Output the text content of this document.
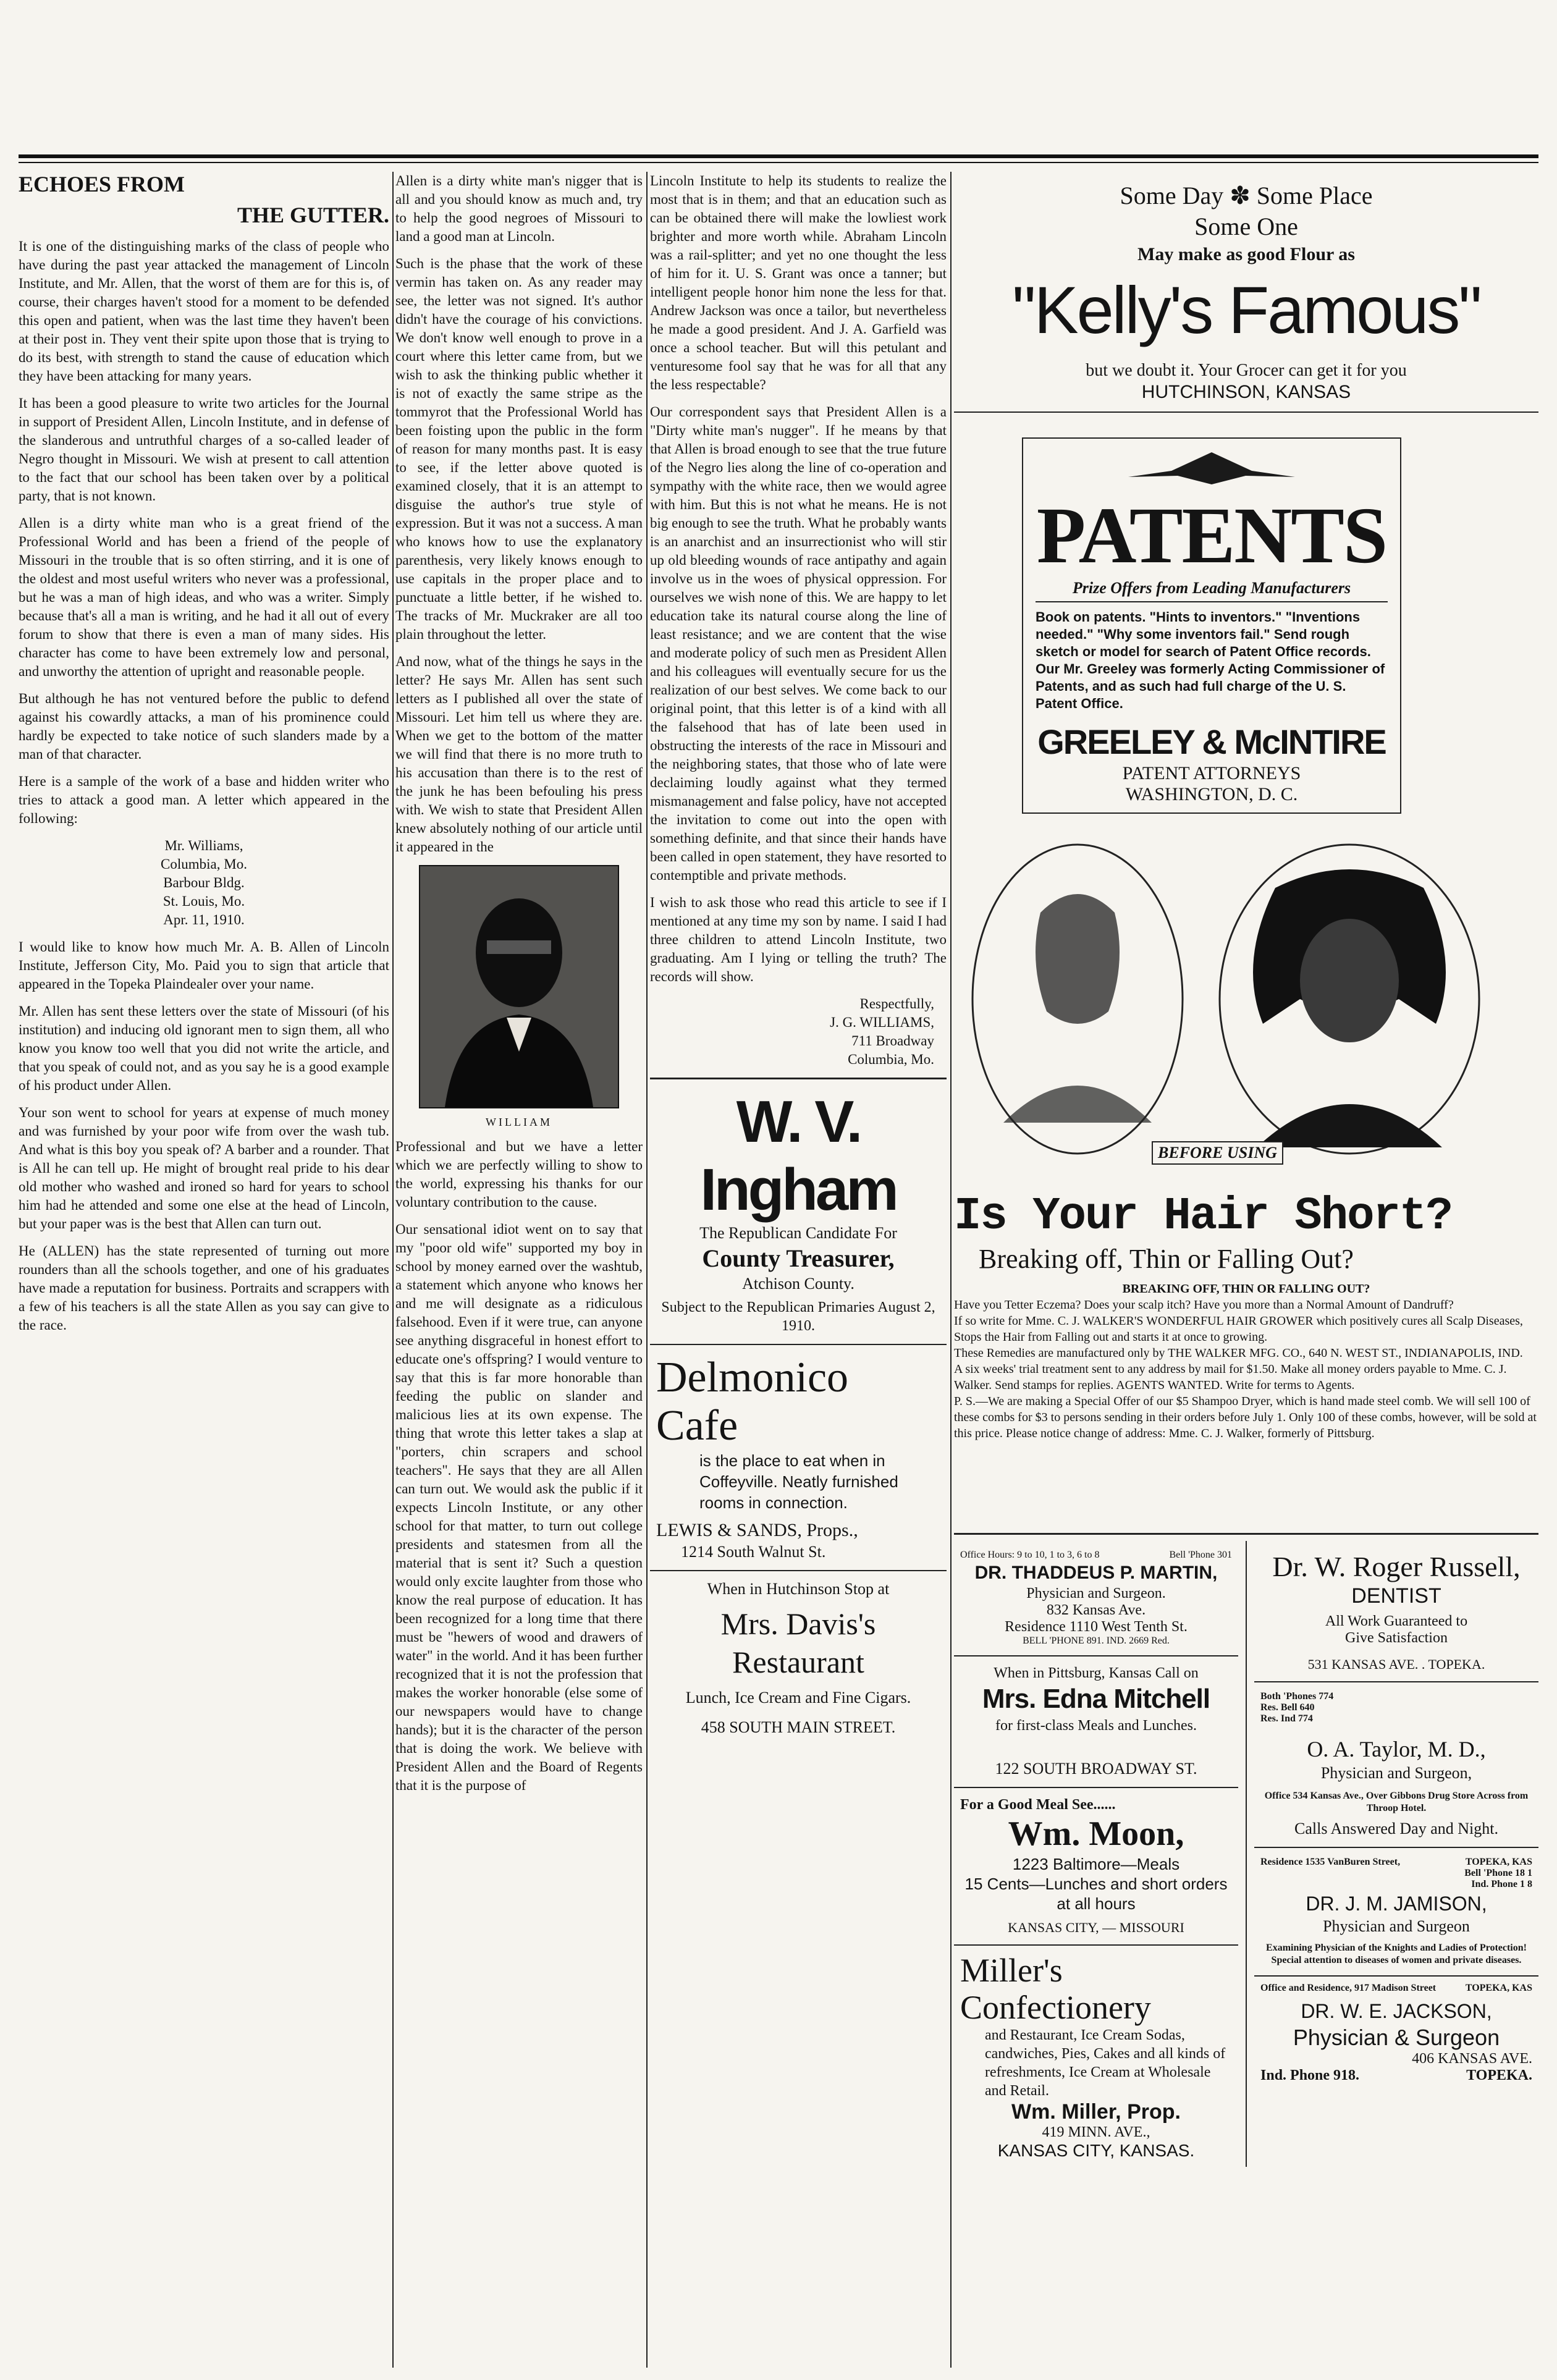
ECHOES FROM
THE GUTTER.

It is one of the distinguishing marks of the class of people who have during the past year attacked the management of Lincoln Institute, and Mr. Allen, that the worst of them are for this is, of course, their charges haven't stood for a moment to be defended this open and patient, when was the last time they haven't been at their post in. They vent their spite upon those that is trying to do its best, with strength to stand the cause of education which they have been attacking for many years.

It has been a good pleasure to write two articles for the Journal in support of President Allen, Lincoln Institute, and in defense of the slanderous and untruthful charges of a so-called leader of Negro thought in Missouri. We wish at present to call attention to the fact that our school has been taken over by a political party, that is not known.

Allen is a dirty white man who is a great friend of the Professional World and has been a friend of the people of Missouri in the trouble that is so often stirring, and it is one of the oldest and most useful writers who never was a professional, but he was a man of high ideas, and who was a writer. Simply because that's all a man is writing, and he had it all out of every forum to show that there is even a man of many sides. His character has come to have been extremely low and personal, and unworthy the attention of upright and reasonable people.

But although he has not ventured before the public to defend against his cowardly attacks, a man of his prominence could hardly be expected to take notice of such slanders made by a man of that character.

Here is a sample of the work of a base and hidden writer who tries to attack a good man. A letter which appeared in the following:

Mr. Williams,
Columbia, Mo.
Barbour Bldg.
St. Louis, Mo.
Apr. 11, 1910.

I would like to know how much Mr. A. B. Allen of Lincoln Institute, Jefferson City, Mo. Paid you to sign that article that appeared in the Topeka Plaindealer over your name.

Mr. Allen has sent these letters over the state of Missouri (of his institution) and inducing old ignorant men to sign them, all who know you know too well that you did not write the article, and that you speak of could not, and as you say he is a good example of his product under Allen.

Your son went to school for years at expense of much money and was furnished by your poor wife from over the wash tub. And what is this boy you speak of? A barber and a rounder. That is All he can tell up. He might of brought real pride to his dear old mother who washed and ironed so hard for years to school him had he attended and some one else at the head of Lincoln, but your paper was is the best that Allen can turn out.

He (ALLEN) has the state represented of turning out more rounders than all the schools together, and one of his graduates have made a reputation for business. Portraits and scrappers with a few of his teachers is all the state Allen as you say can give to the race.

Allen is a dirty white man's nigger that is all and you should know as much and, try to help the good negroes of Missouri to land a good man at Lincoln.

Such is the phase that the work of these vermin has taken on. As any reader may see, the letter was not signed. It's author didn't have the courage of his convictions. We don't know well enough to prove in a court where this letter came from, but we wish to ask the thinking public whether it is not of exactly the same stripe as the tommyrot that the Professional World has been foisting upon the public in the form of reason for many months past. It is easy to see, if the letter above quoted is examined closely, that it is an attempt to disguise the author's true style of expression. But it was not a success. A man who knows how to use the explanatory parenthesis, very likely knows enough to use capitals in the proper place and to punctuate a little better, if he wished to. The tracks of Mr. Muckraker are all too plain throughout the letter.

And now, what of the things he says in the letter? He says Mr. Allen has sent such letters as I published all over the state of Missouri. Let him tell us where they are. When we get to the bottom of the matter we will find that there is no more truth to his accusation than there is to the rest of the junk he has been befouling his press with. We wish to state that President Allen knew absolutely nothing of our article until it appeared in the

WILLIAM

Professional and but we have a letter which we are perfectly willing to show to the world, expressing his thanks for our voluntary contribution to the cause.

Our sensational idiot went on to say that my "poor old wife" supported my boy in school by money earned over the washtub, a statement which anyone who knows her and me will designate as a ridiculous falsehood. Even if it were true, can anyone see anything disgraceful in honest effort to educate one's offspring? I would venture to say that this is far more honorable than feeding the public on slander and malicious lies at its own expense. The thing that wrote this letter takes a slap at "porters, chin scrapers and school teachers". He says that they are all Allen can turn out. We would ask the public if it expects Lincoln Institute, or any other school for that matter, to turn out college presidents and statesmen from all the material that is sent it? Such a question would only excite laughter from those who know the real purpose of education. It has been recognized for a long time that there must be "hewers of wood and drawers of water" in the world. And it has been further recognized that it is not the profession that makes the worker honorable (else some of our newspapers would have to change hands); but it is the character of the person that is doing the work. We believe with President Allen and the Board of Regents that it is the purpose of

Lincoln Institute to help its students to realize the most that is in them; and that an education such as can be obtained there will make the lowliest work brighter and more worth while. Abraham Lincoln was a rail-splitter; and yet no one thought the less of him for it. U. S. Grant was once a tanner; but intelligent people honor him none the less for that. Andrew Jackson was once a tailor, but nevertheless he made a good president. And J. A. Garfield was once a school teacher. But will this petulant and venturesome fool say that he was for all that any the less respectable?

Our correspondent says that President Allen is a "Dirty white man's nugger". If he means by that that Allen is broad enough to see that the true future of the Negro lies along the line of co-operation and sympathy with the white race, then we would agree with him. But this is not what he means. He is not big enough to see the truth. What he probably wants is an anarchist and an insurrectionist who will stir up old bleeding wounds of race antipathy and again involve us in the woes of physical oppression. For ourselves we wish none of this. We are happy to let education take its natural course along the line of least resistance; and we are content that the wise and moderate policy of such men as President Allen and his colleagues will eventually secure for us the realization of our best selves. We come back to our original point, that this letter is of a kind with all the falsehood that has of late been used in obstructing the interests of the race in Missouri and the neighboring states, that those who of late were declaiming loudly against what they termed mismanagement and false policy, have not accepted the invitation to come out into the open with something definite, and that since their hands have been called in open statement, they have resorted to contemptible and private methods.

I wish to ask those who read this article to see if I mentioned at any time my son by name. I said I had three children to attend Lincoln Institute, two graduating. Am I lying or telling the truth? The records will show.

Respectfully,
J. G. WILLIAMS,
711 Broadway
Columbia, Mo.
W. V. Ingham
The Republican Candidate For
County Treasurer,
Atchison County.
Subject to the Republican Primaries August 2, 1910.
Delmonico
Cafe
is the place to eat when in Coffeyville. Neatly furnished rooms in connection.
LEWIS & SANDS, Props.,
1214 South Walnut St.
When in Hutchinson Stop at
Mrs. Davis's
Restaurant
Lunch, Ice Cream and Fine Cigars.
458 SOUTH MAIN STREET.
Some Day ✽ Some Place
Some One
May make as good Flour as
"Kelly's Famous"
but we doubt it. Your Grocer can get it for you
HUTCHINSON, KANSAS
PATENTS
Prize Offers from Leading Manufacturers
Book on patents. "Hints to inventors." "Inventions needed." "Why some inventors fail." Send rough sketch or model for search of Patent Office records. Our Mr. Greeley was formerly Acting Commissioner of Patents, and as such had full charge of the U. S. Patent Office.
GREELEY & McINTIRE
PATENT ATTORNEYS
WASHINGTON, D. C.
BEFORE USING
Is Your Hair Short?
Breaking off, Thin or Falling Out?
BREAKING OFF, THIN OR FALLING OUT?
Have you Tetter Eczema? Does your scalp itch? Have you more than a Normal Amount of Dandruff?
If so write for Mme. C. J. WALKER'S WONDERFUL HAIR GROWER which positively cures all Scalp Diseases, Stops the Hair from Falling out and starts it at once to growing.
These Remedies are manufactured only by THE WALKER MFG. CO., 640 N. WEST ST., INDIANAPOLIS, IND.
A six weeks' trial treatment sent to any address by mail for $1.50. Make all money orders payable to Mme. C. J. Walker. Send stamps for replies. AGENTS WANTED. Write for terms to Agents.
P. S.—We are making a Special Offer of our $5 Shampoo Dryer, which is hand made steel comb. We will sell 100 of these combs for $3 to persons sending in their orders before July 1. Only 100 of these combs, however, will be sold at this price. Please notice change of address: Mme. C. J. Walker, formerly of Pittsburg.
Office Hours: 9 to 10, 1 to 3, 6 to 8	Bell 'Phone 301
DR. THADDEUS P. MARTIN,
Physician and Surgeon.
832 Kansas Ave.
Residence 1110 West Tenth St.
BELL 'PHONE 891. IND. 2669 Red.
When in Pittsburg, Kansas Call on
Mrs. Edna Mitchell
for first-class Meals and Lunches.
122 SOUTH BROADWAY ST.
For a Good Meal See......
Wm. Moon,
1223 Baltimore—Meals
15 Cents—Lunches and short orders at all hours
KANSAS CITY, — MISSOURI
Miller's
Confectionery
and Restaurant, Ice Cream Sodas, candwiches, Pies, Cakes and all kinds of refreshments, Ice Cream at Wholesale and Retail.
Wm. Miller, Prop.
419 MINN. AVE.,
KANSAS CITY, KANSAS.
Dr. W. Roger Russell,
DENTIST
All Work Guaranteed to
Give Satisfaction
531 KANSAS AVE. . TOPEKA.
Both 'Phones 774
Res. Bell 640
Res. Ind 774
O. A. Taylor, M. D.,
Physician and Surgeon,
Office 534 Kansas Ave., Over Gibbons Drug Store Across from Throop Hotel.
Calls Answered Day and Night.
Residence 1535 VanBuren Street,	TOPEKA, KAS
Bell 'Phone 18 1
Ind. Phone 1 8
DR. J. M. JAMISON,
Physician and Surgeon
Examining Physician of the Knights and Ladies of Protection!
Special attention to diseases of women and private diseases.
Office and Residence, 917 Madison Street	TOPEKA, KAS
DR. W. E. JACKSON,
Physician & Surgeon
406 KANSAS AVE.
Ind. Phone 918.	TOPEKA.
